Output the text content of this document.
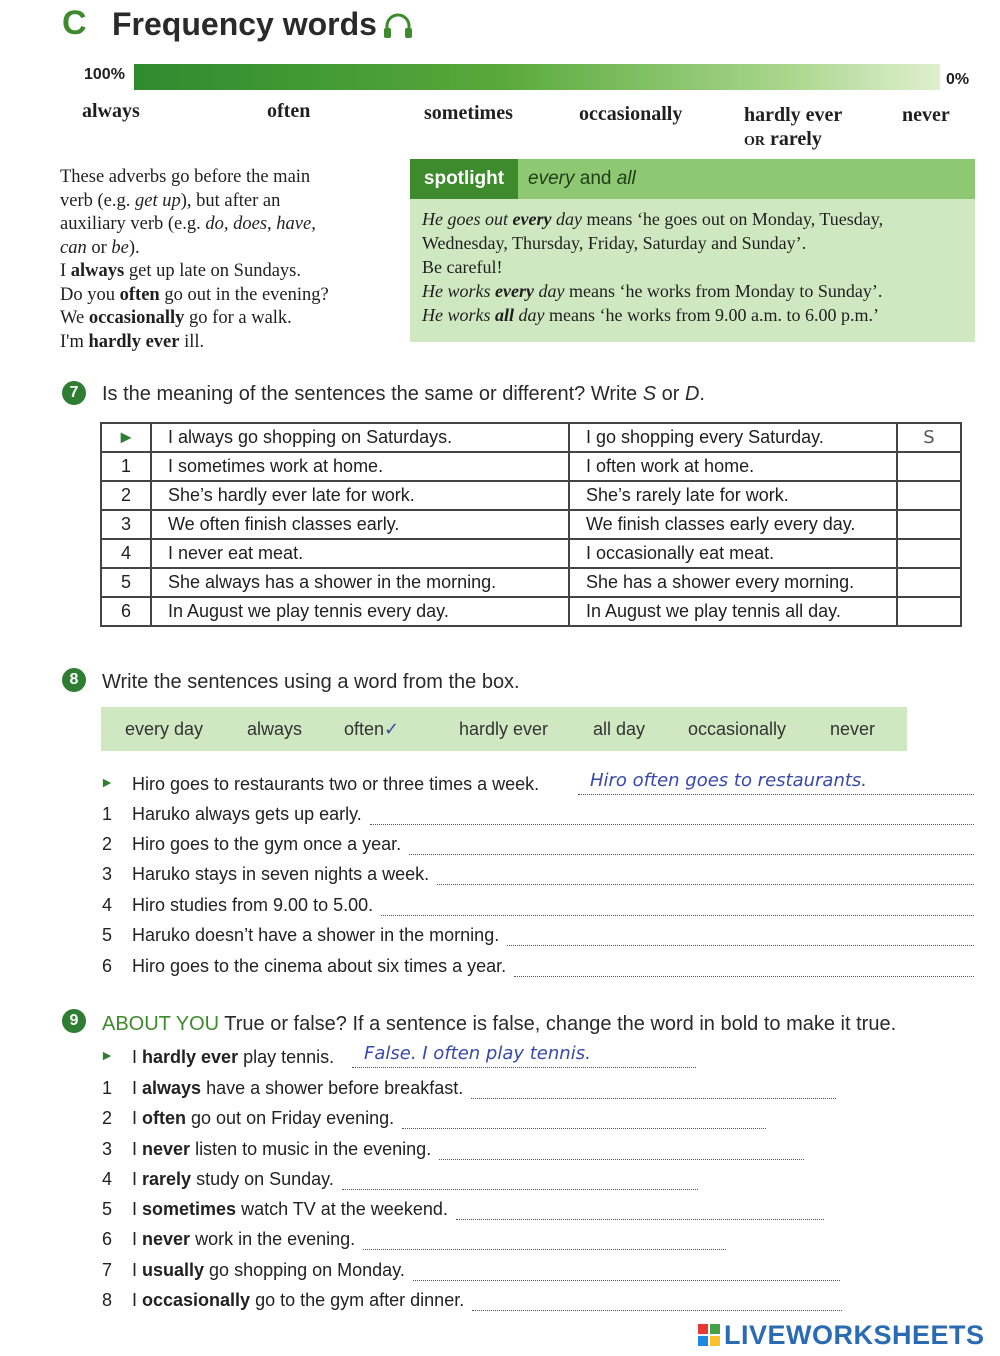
C Frequency words
100%	0%
always	often	sometimes	occasionally	hardly ever
OR rarely
never

These adverbs go before the main

verb (e.g. get up), but after an

auxiliary verb (e.g. do, does, have,

can or be).

I always get up late on Sundays.

Do you often go out in the evening?

We occasionally go for a walk.

I'm hardly ever ill.

spotlight	every and all

He goes out every day means ‘he goes out on Monday, Tuesday,

Wednesday, Thursday, Friday, Saturday and Sunday’.

Be careful!

He works every day means ‘he works from Monday to Sunday’.

He works all day means ‘he works from 9.00 a.m. to 6.00 p.m.’

7	Is the meaning of the sentences the same or different? Write S or D.
►	I always go shopping on Saturdays.	I go shopping every Saturday.	S
1	I sometimes work at home.	I often work at home.	
2	She’s hardly ever late for work.	She’s rarely late for work.	
3	We often finish classes early.	We finish classes early every day.	
4	I never eat meat.	I occasionally eat meat.	
5	She always has a shower in the morning.	She has a shower every morning.	
6	In August we play tennis every day.	In August we play tennis all day.	
8	Write the sentences using a word from the box.
every day always often✓	hardly ever all day occasionally never
► Hiro goes to restaurants two or three times a week.	Hiro often goes to restaurants.
1 Haruko always gets up early.
2 Hiro goes to the gym once a year.
3 Haruko stays in seven nights a week.
4 Hiro studies from 9.00 to 5.00.
5 Haruko doesn’t have a shower in the morning.
6 Hiro goes to the cinema about six times a year.
9	ABOUT YOU True or false? If a sentence is false, change the word in bold to make it true.
► I hardly ever play tennis. False. I often play tennis.
1 I always have a shower before breakfast.
2 I often go out on Friday evening.
3 I never listen to music in the evening.
4 I rarely study on Sunday.
5 I sometimes watch TV at the weekend.
6 I never work in the evening.
7 I usually go shopping on Monday.
8 I occasionally go to the gym after dinner.
LIVEWORKSHEETS
